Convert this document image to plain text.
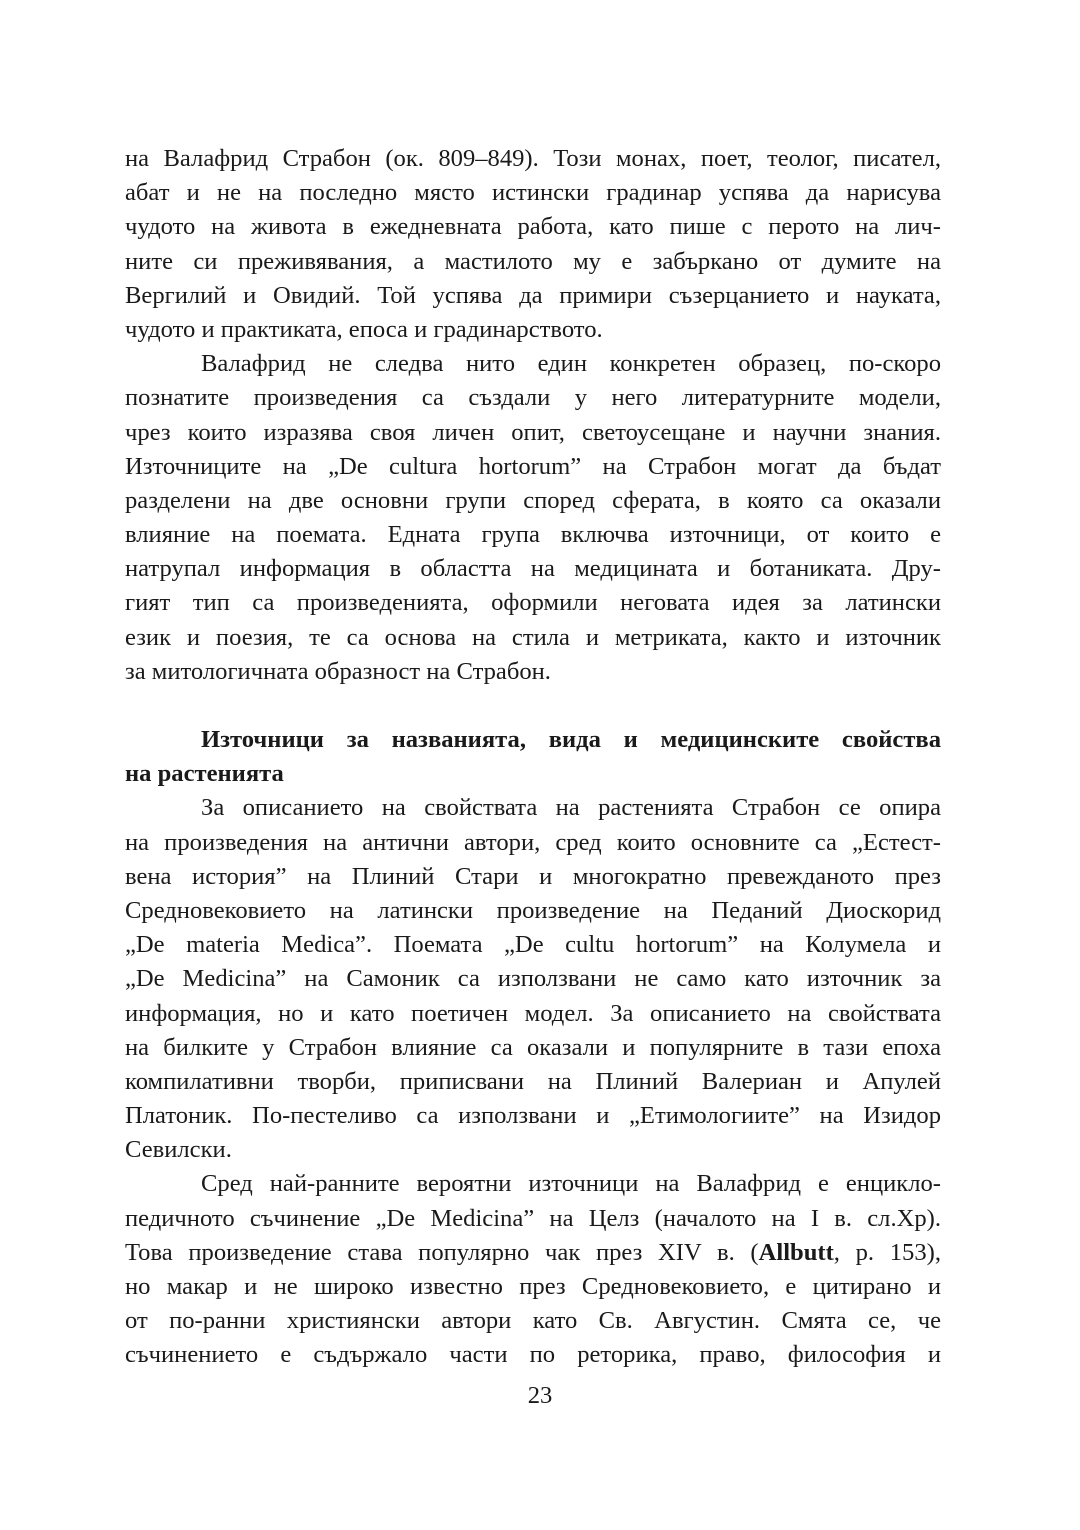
на Валафрид Страбон (ок. 809–849). Този монах, поет, теолог, писател,
абат и не на последно място истински градинар успява да нарисува
чудото на живота в ежедневната работа, като пише с перото на лич-
ните си преживявания, а мастилото му е забъркано от думите на
Вергилий и Овидий. Той успява да примири съзерцанието и науката,
чудото и практиката, епоса и градинарството.
Валафрид не следва нито един конкретен образец, по-скоро
познатите произведения са създали у него литературните модели,
чрез които изразява своя личен опит, светоусещане и научни знания.
Източниците на „De cultura hortorum” на Страбон могат да бъдат
разделени на две основни групи според сферата, в която са оказали
влияние на поемата. Едната група включва източници, от които е
натрупал информация в областта на медицината и ботаниката. Дру-
гият тип са произведенията, оформили неговата идея за латински
език и поезия, те са основа на стила и метриката, както и източник
за митологичната образност на Страбон.
Източници за названията, вида и медицинските свойства
на растенията
За описанието на свойствата на растенията Страбон се опира
на произведения на антични автори, сред които основните са „Естест-
вена история” на Плиний Стари и многократно превежданото през
Средновековието на латински произведение на Педаний Диоскорид
„De materia Medica”. Поемата „De cultu hortorum” на Колумела и
„De Medicina” на Самоник са използвани не само като източник за
информация, но и като поетичен модел. За описанието на свойствата
на билките у Страбон влияние са оказали и популярните в тази епоха
компилативни творби, приписвани на Плиний Валериан и Апулей
Платоник. По-пестеливо са използвани и „Етимологиите” на Изидор
Севилски.
Сред най-ранните вероятни източници на Валафрид е енцикло-
педичното съчинение „De Medicina” на Целз (началото на I в. сл.Хр).
Това произведение става популярно чак през XIV в. (Allbutt, p. 153),
но макар и не широко известно през Средновековието, е цитирано и
от по-ранни християнски автори като Св. Августин. Смята се, че
съчинението е съдържало части по реторика, право, философия и
23
